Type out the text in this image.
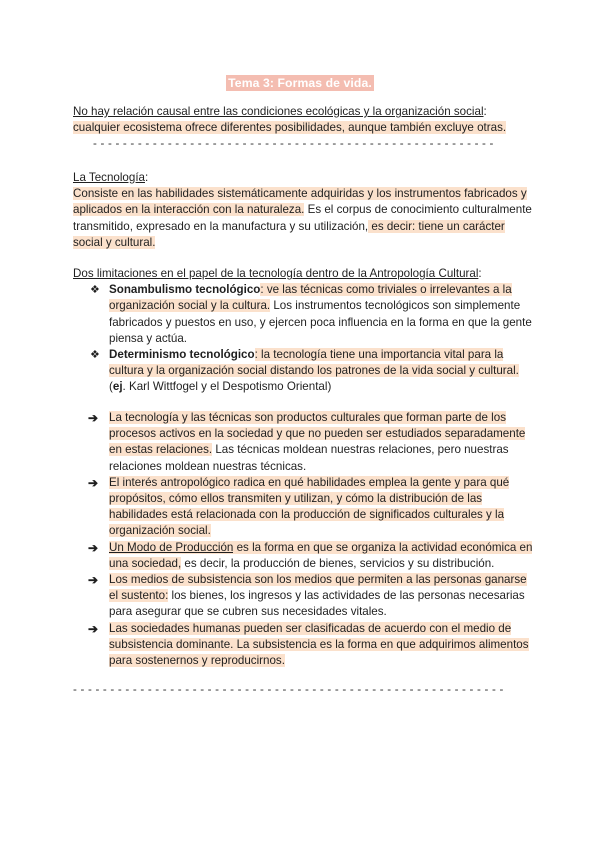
Tema 3: Formas de vida.
No hay relación causal entre las condiciones ecológicas y la organización social: cualquier ecosistema ofrece diferentes posibilidades, aunque también excluye otras.
- - - - - - - - - - - - - - - - - - - - - - - - - - - - - - - - - - - - - - - - - - - - - - - - - - - - - -
La Tecnología:
Consiste en las habilidades sistemáticamente adquiridas y los instrumentos fabricados y aplicados en la interacción con la naturaleza. Es el corpus de conocimiento culturalmente transmitido, expresado en la manufactura y su utilización, es decir: tiene un carácter social y cultural.
Dos limitaciones en el papel de la tecnología dentro de la Antropología Cultural:
❖ Sonambulismo tecnológico: ve las técnicas como triviales o irrelevantes a la organización social y la cultura. Los instrumentos tecnológicos son simplemente fabricados y puestos en uso, y ejercen poca influencia en la forma en que la gente piensa y actúa.
❖ Determinismo tecnológico: la tecnología tiene una importancia vital para la cultura y la organización social distando los patrones de la vida social y cultural. (ej. Karl Wittfogel y el Despotismo Oriental)
➔ La tecnología y las técnicas son productos culturales que forman parte de los procesos activos en la sociedad y que no pueden ser estudiados separadamente en estas relaciones. Las técnicas moldean nuestras relaciones, pero nuestras relaciones moldean nuestras técnicas.
➔ El interés antropológico radica en qué habilidades emplea la gente y para qué propósitos, cómo ellos transmiten y utilizan, y cómo la distribución de las habilidades está relacionada con la producción de significados culturales y la organización social.
➔ Un Modo de Producción es la forma en que se organiza la actividad económica en una sociedad, es decir, la producción de bienes, servicios y su distribución.
➔ Los medios de subsistencia son los medios que permiten a las personas ganarse el sustento: los bienes, los ingresos y las actividades de las personas necesarias para asegurar que se cubren sus necesidades vitales.
➔ Las sociedades humanas pueden ser clasificadas de acuerdo con el medio de subsistencia dominante. La subsistencia es la forma en que adquirimos alimentos para sostenernos y reproducirnos.
- - - - - - - - - - - - - - - - - - - - - - - - - - - - - - - - - - - - - - - - - - - - - - - - - - - - - - - - - -
